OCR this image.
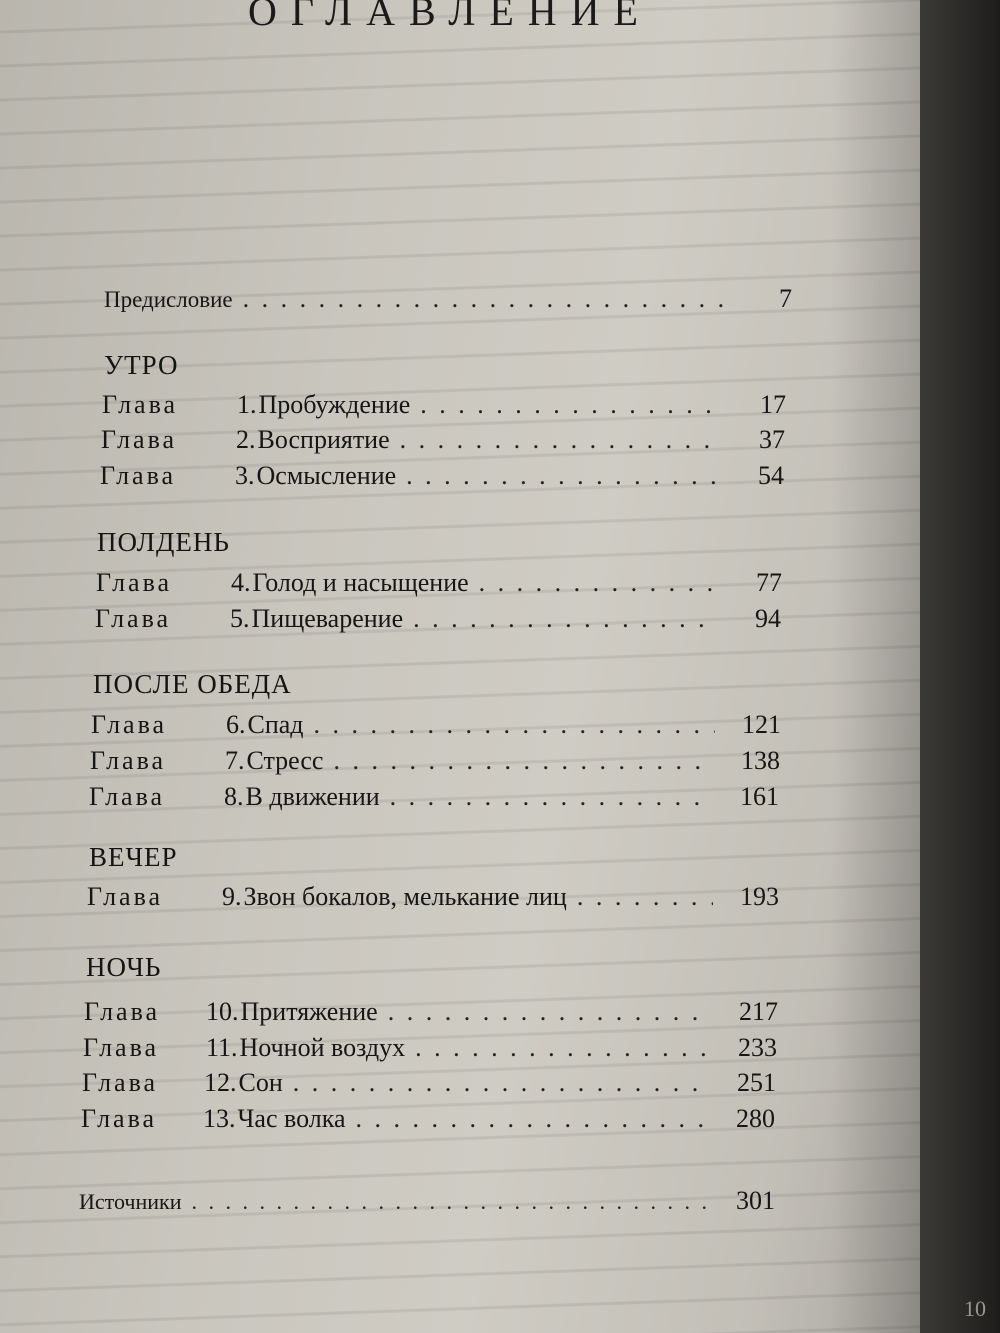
ОГЛАВЛЕНИЕ
Предисловие . . .	7
УТРО
Глава	1 . Пробуждение . . .	17
Глава	2 . Восприятие . . .	37
Глава	3 . Осмысление . . .	54
ПОЛДЕНЬ
Глава	4 . Голод и насыщение . . .	77
Глава	5 . Пищеварение . . .	94
ПОСЛЕ ОБЕДА
Глава	6 . Спад . . .	121
Глава	7 . Стресс . . .	138
Глава	8 . В движении . . .	161
ВЕЧЕР
Глава	9 . Звон бокалов, мелькание лиц . . .	193
НОЧЬ
Глава	10 . Притяжение . . .	217
Глава	11 . Ночной воздух . . .	233
Глава	12 . Сон . . .	251
Глава	13 . Час волка . . .	280
Источники . . .	301
10
